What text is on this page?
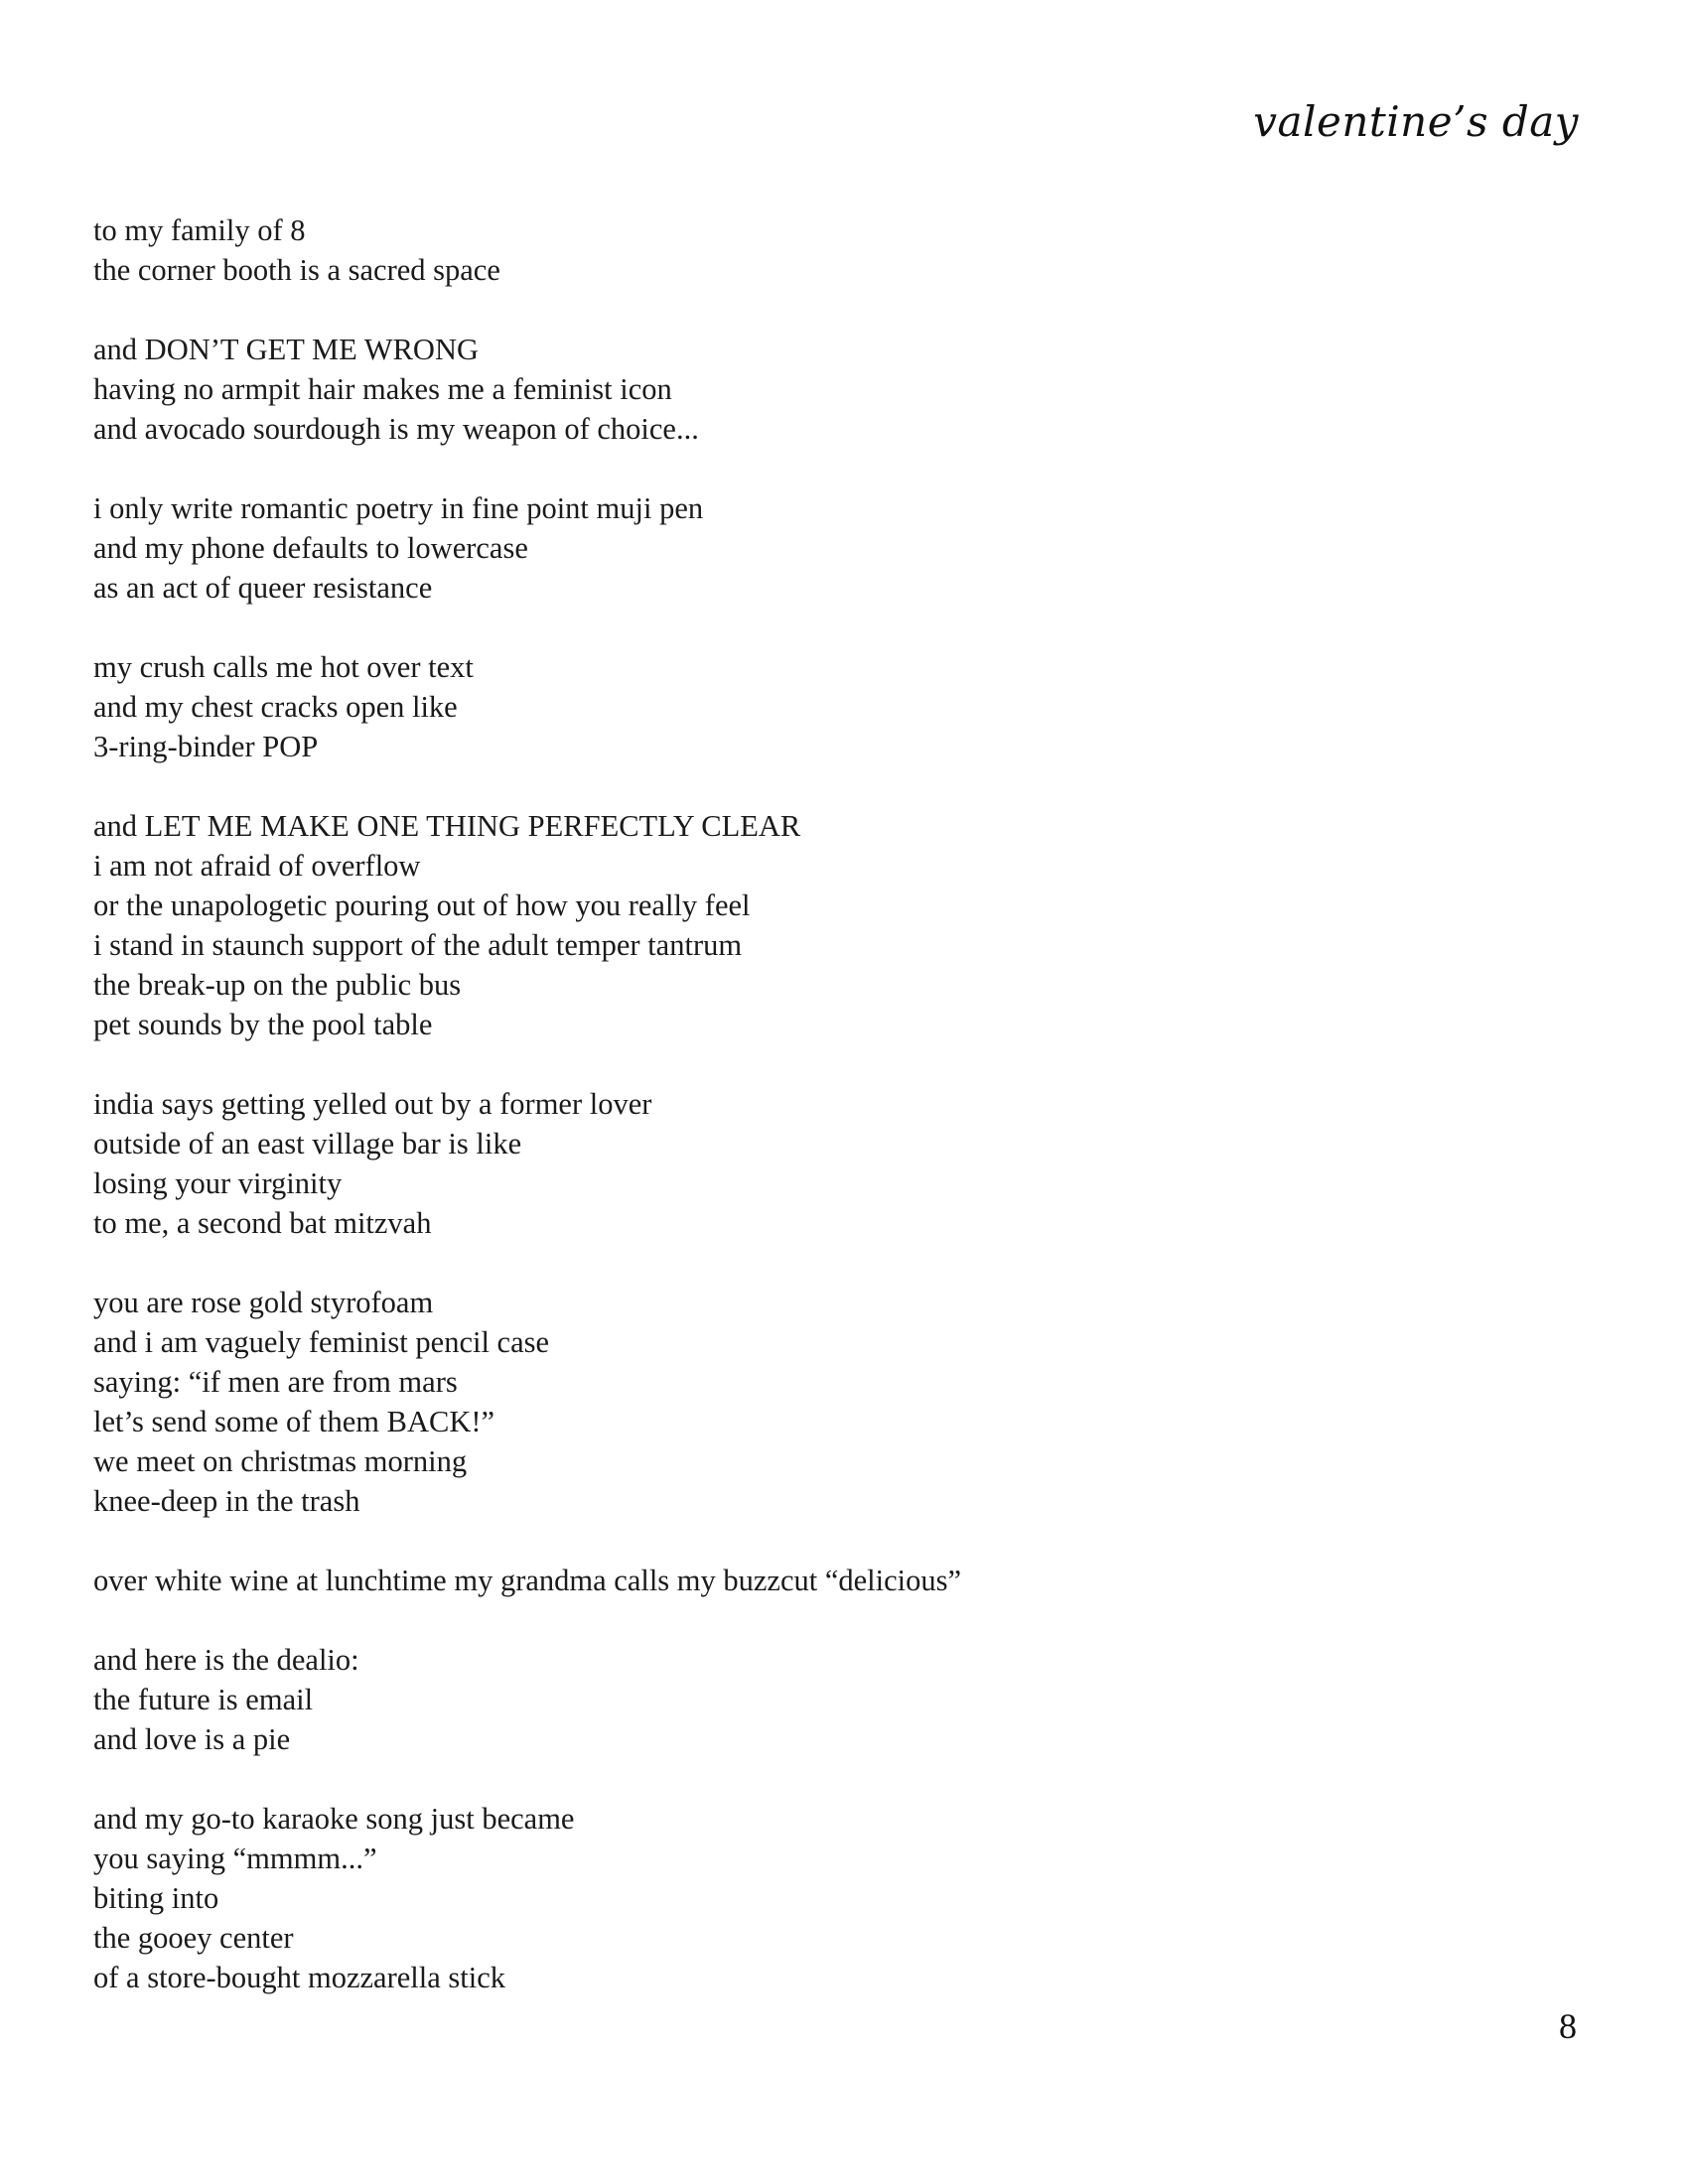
valentine’s day
to my family of 8
the corner booth is a sacred space
and DON’T GET ME WRONG
having no armpit hair makes me a feminist icon
and avocado sourdough is my weapon of choice...
i only write romantic poetry in fine point muji pen
and my phone defaults to lowercase
as an act of queer resistance
my crush calls me hot over text
and my chest cracks open like
3-ring-binder POP
and LET ME MAKE ONE THING PERFECTLY CLEAR
i am not afraid of overflow
or the unapologetic pouring out of how you really feel
i stand in staunch support of the adult temper tantrum
the break-up on the public bus
pet sounds by the pool table
india says getting yelled out by a former lover
outside of an east village bar is like
losing your virginity
to me, a second bat mitzvah
you are rose gold styrofoam
and i am vaguely feminist pencil case
saying: “if men are from mars
let’s send some of them BACK!”
we meet on christmas morning
knee-deep in the trash
over white wine at lunchtime my grandma calls my buzzcut “delicious”
and here is the dealio:
the future is email
and love is a pie
and my go-to karaoke song just became
you saying “mmmm...”
biting into
the gooey center
of a store-bought mozzarella stick
8
